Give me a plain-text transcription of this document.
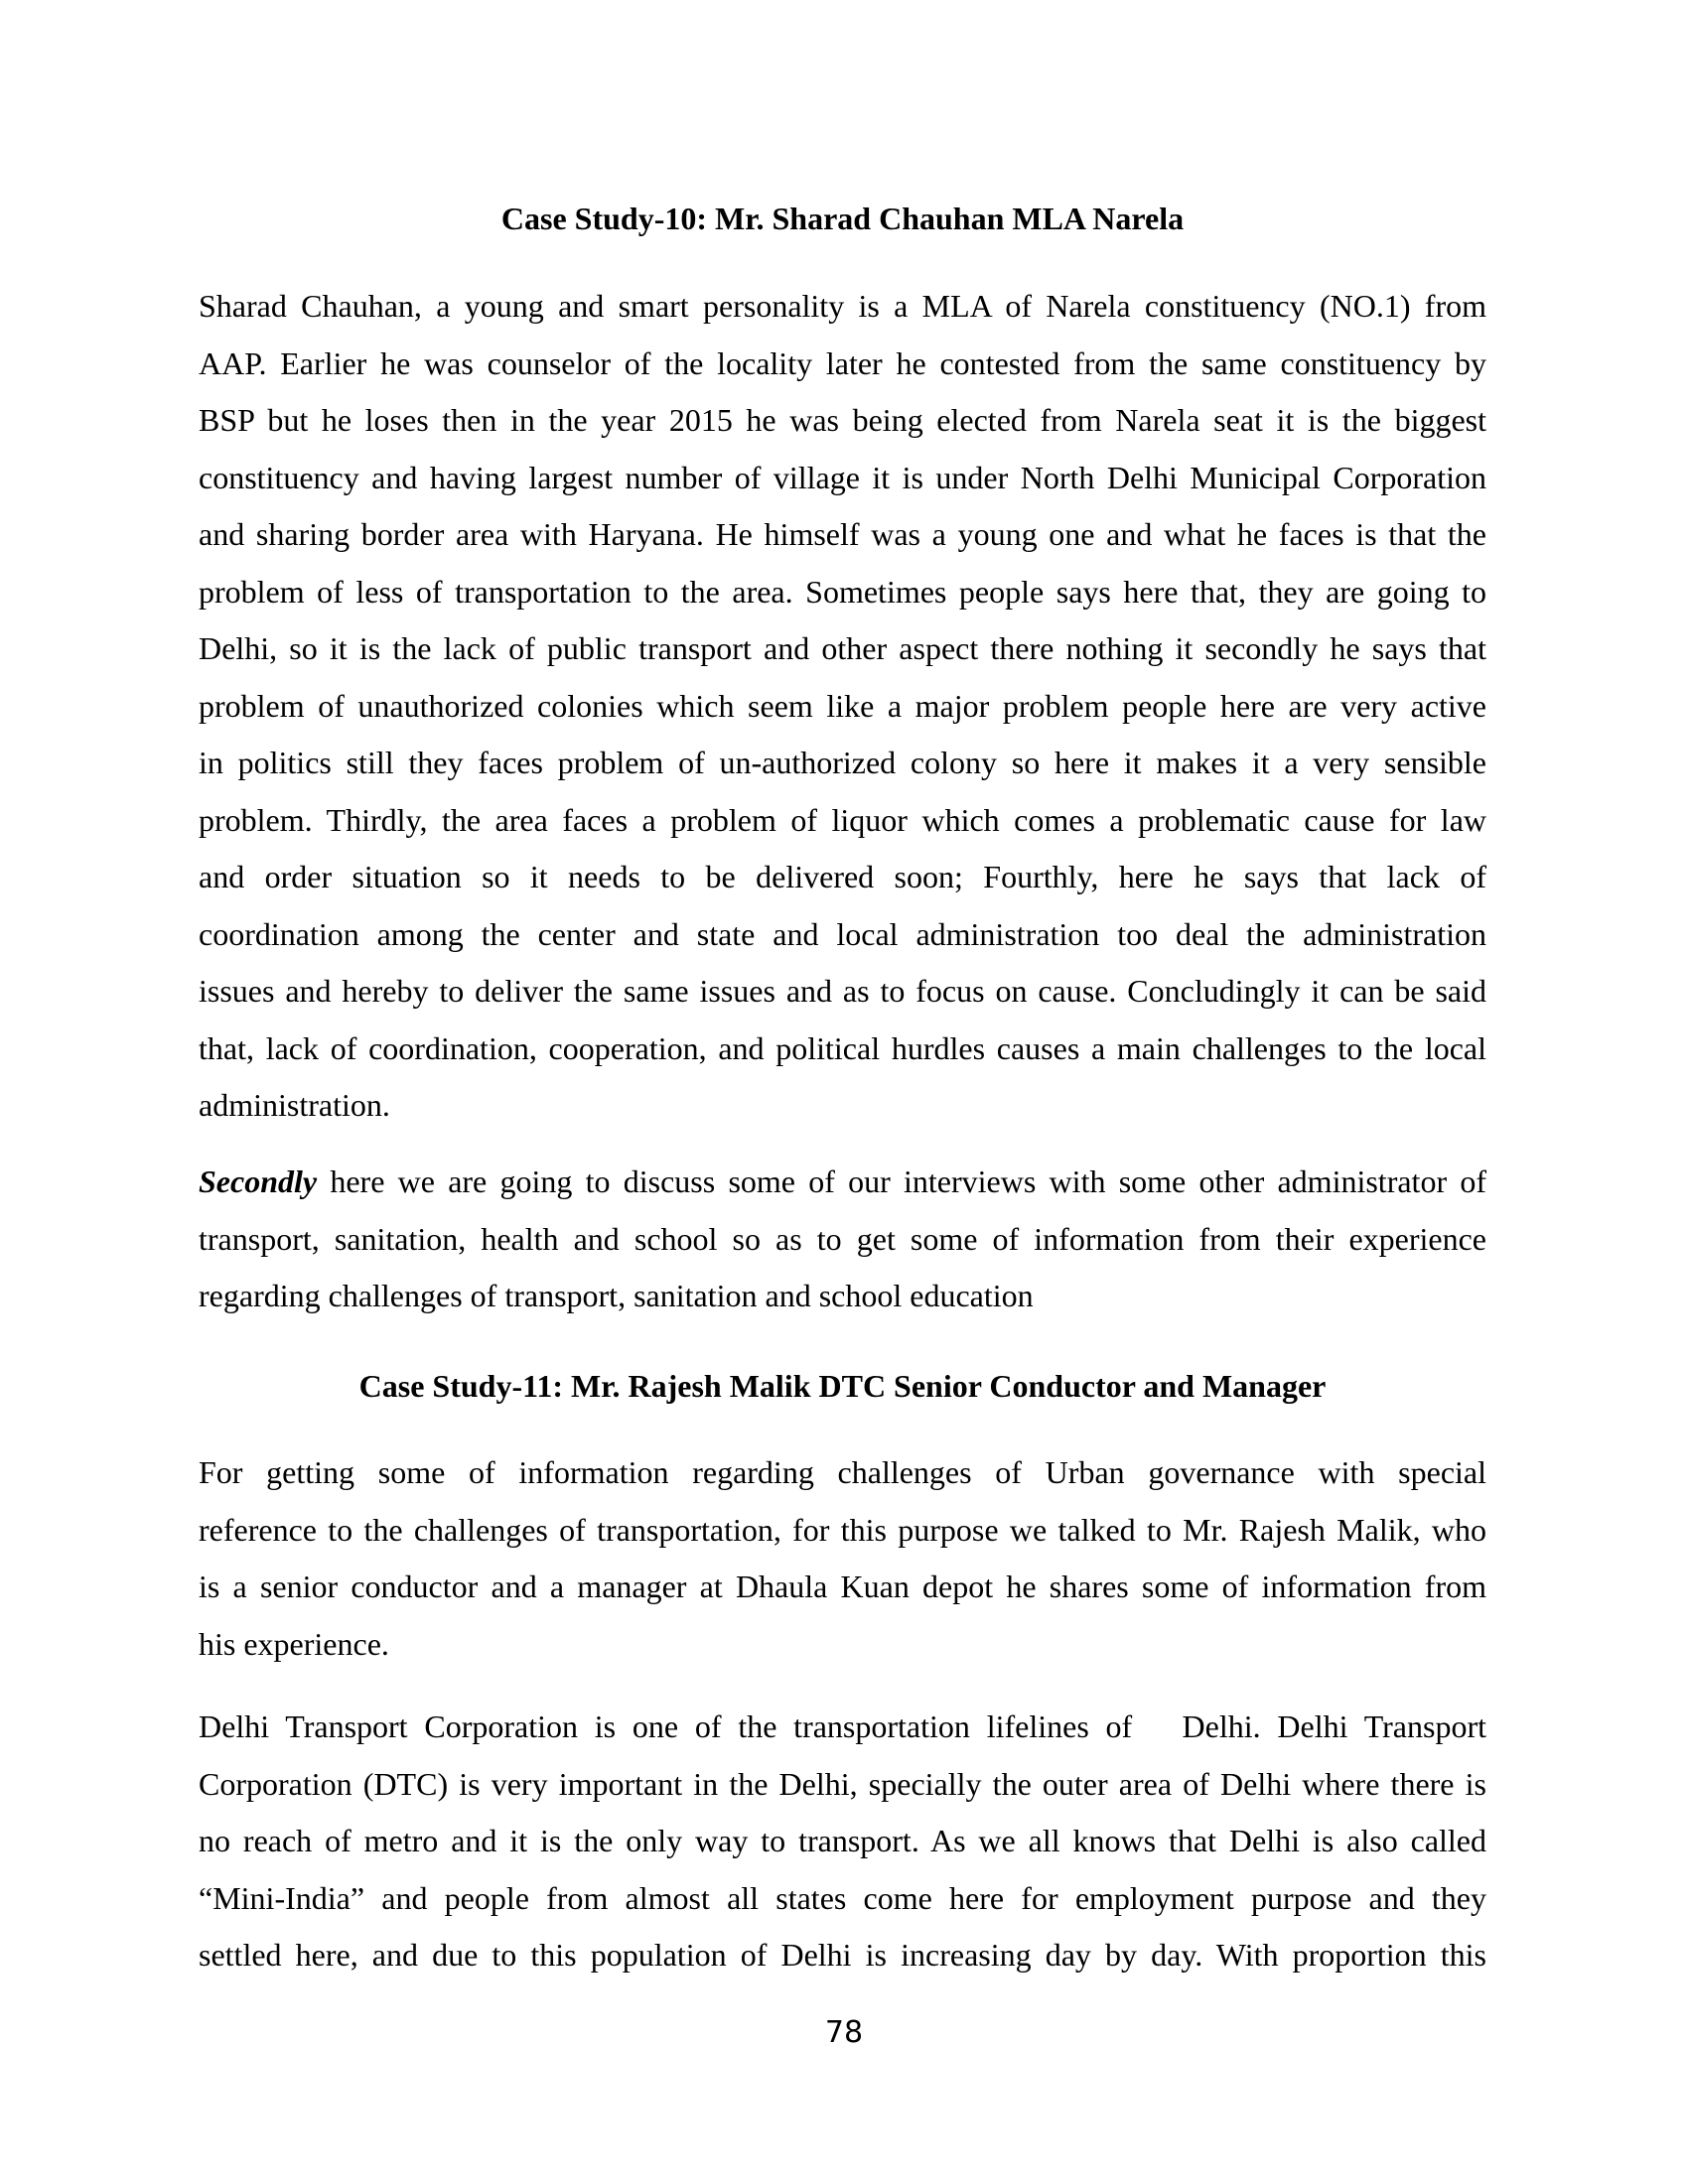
Case Study-10: Mr. Sharad Chauhan MLA Narela
Sharad Chauhan, a young and smart personality is a MLA of Narela constituency (NO.1) from
AAP. Earlier he was counselor of the locality later he contested from the same constituency by
BSP but he loses then in the year 2015 he was being elected from Narela seat it is the biggest
constituency and having largest number of village it is under North Delhi Municipal Corporation
and sharing border area with Haryana. He himself was a young one and what he faces is that the
problem of less of transportation to the area. Sometimes people says here that, they are going to
Delhi, so it is the lack of public transport and other aspect there nothing it secondly he says that
problem of unauthorized colonies which seem like a major problem people here are very active
in politics still they faces problem of un-authorized colony so here it makes it a very sensible
problem. Thirdly, the area faces a problem of liquor which comes a problematic cause for law
and order situation so it needs to be delivered soon; Fourthly, here he says that lack of
coordination among the center and state and local administration too deal the administration
issues and hereby to deliver the same issues and as to focus on cause. Concludingly it can be said
that, lack of coordination, cooperation, and political hurdles causes a main challenges to the local
administration.
Secondly here we are going to discuss some of our interviews with some other administrator of
transport, sanitation, health and school so as to get some of information from their experience
regarding challenges of transport, sanitation and school education
Case Study-11: Mr. Rajesh Malik DTC Senior Conductor and Manager
For getting some of information regarding challenges of Urban governance with special
reference to the challenges of transportation, for this purpose we talked to Mr. Rajesh Malik, who
is a senior conductor and a manager at Dhaula Kuan depot he shares some of information from
his experience.
Delhi Transport Corporation is one of the transportation lifelines of   Delhi. Delhi Transport
Corporation (DTC) is very important in the Delhi, specially the outer area of Delhi where there is
no reach of metro and it is the only way to transport. As we all knows that Delhi is also called
“Mini-India” and people from almost all states come here for employment purpose and they
settled here, and due to this population of Delhi is increasing day by day. With proportion this
78
